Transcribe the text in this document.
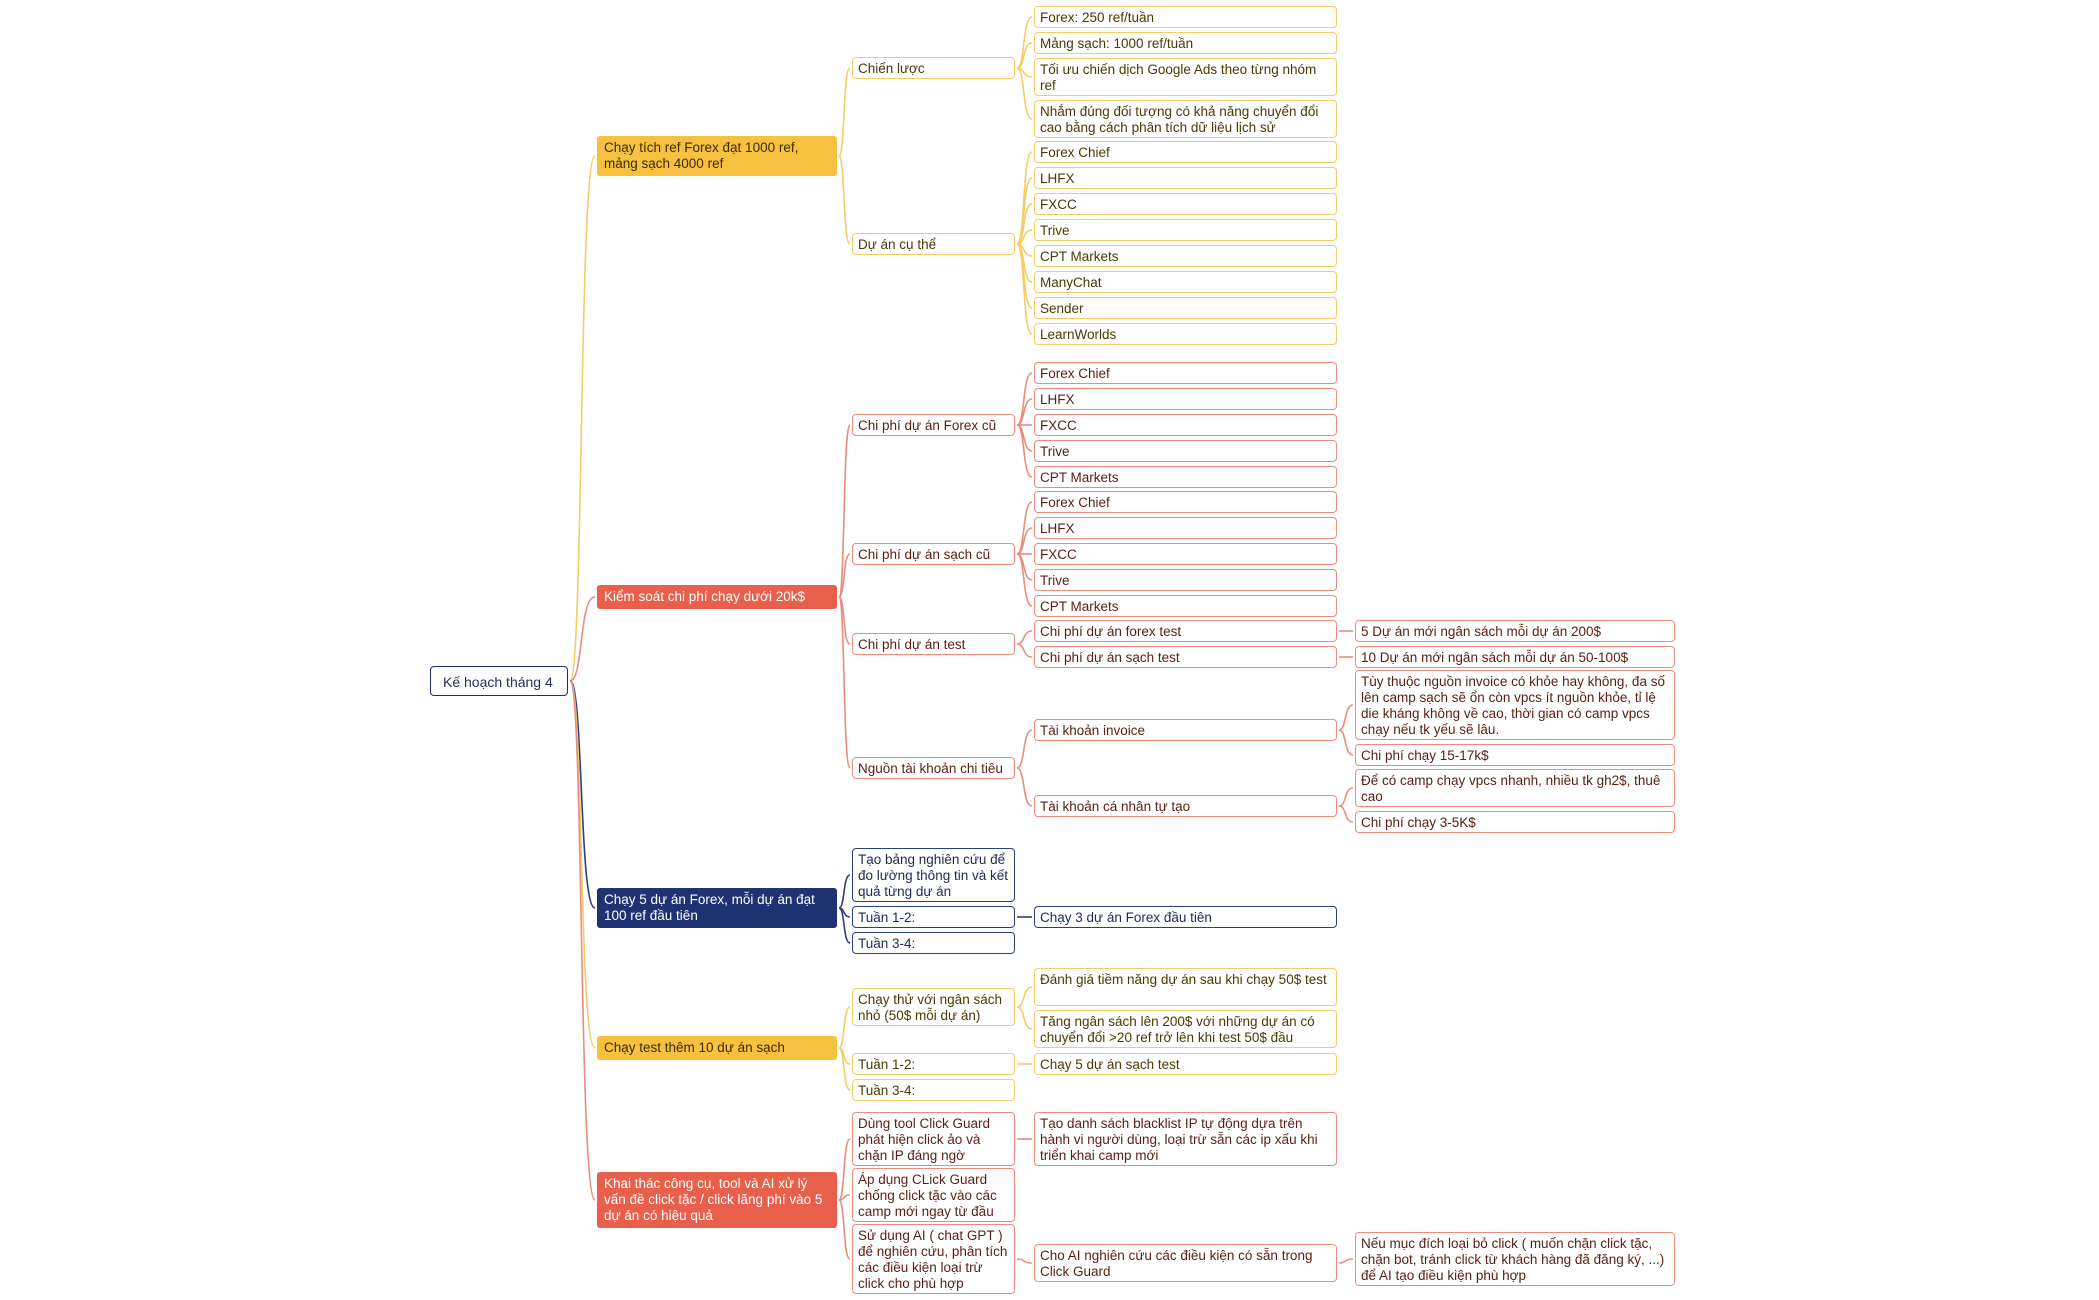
Kế hoạch tháng 4
Chạy tích ref Forex đạt 1000 ref, mảng sạch 4000 ref
Chiến lược
Forex: 250 ref/tuần
Mảng sạch: 1000 ref/tuần
Tối ưu chiến dịch Google Ads theo từng nhóm ref
Nhắm đúng đối tượng có khả năng chuyển đổi cao bằng cách phân tích dữ liệu lịch sử
Dự án cụ thể
Forex Chief
LHFX
FXCC
Trive
CPT Markets
ManyChat
Sender
LearnWorlds
Kiểm soát chi phí chạy dưới 20k$
Chi phí dự án Forex cũ
Forex Chief
LHFX
FXCC
Trive
CPT Markets
Chi phí dự án sạch cũ
Forex Chief
LHFX
FXCC
Trive
CPT Markets
Chi phí dự án test
Chi phí dự án forex test	5 Dự án mới ngân sách mỗi dự án 200$
Chi phí dự án sạch test	10 Dự án mới ngân sách mỗi dự án 50-100$
Nguồn tài khoản chi tiêu
Tài khoản invoice
Tùy thuộc nguồn invoice có khỏe hay không, đa số lên camp sạch sẽ ổn còn vpcs ít nguồn khỏe, tỉ lệ die kháng không về cao, thời gian có camp vpcs chạy nếu tk yếu sẽ lâu.
Chi phí chạy 15-17k$
Tài khoản cá nhân tự tạo
Để có camp chạy vpcs nhanh, nhiều tk gh2$, thuê cao
Chi phí chạy 3-5K$
Chạy 5 dự án Forex, mỗi dự án đạt 100 ref đầu tiên
Tạo bảng nghiên cứu để đo lường thông tin và kết quả từng dự án
Tuần 1-2:	Chạy 3 dự án Forex đầu tiên
Tuần 3-4:
Chạy test thêm 10 dự án sạch
Chạy thử với ngân sách nhỏ (50$ mỗi dự án)
Đánh giá tiềm năng dự án sau khi chạy 50$ test
Tăng ngân sách lên 200$ với những dự án có chuyển đổi >20 ref trở lên khi test 50$ đầu
Tuần 1-2:	Chạy 5 dự án sạch test
Tuần 3-4:
Khai thác công cụ, tool và AI xử lý vấn đề click tặc / click lãng phí vào 5 dự án có hiệu quả
Dùng tool Click Guard phát hiện click ảo và chặn IP đáng ngờ
Tạo danh sách blacklist IP tự động dựa trên hành vi người dùng, loại trừ sẵn các ip xấu khi triển khai camp mới
Áp dụng CLick Guard chống click tặc vào các camp mới ngay từ đầu
Sử dụng AI ( chat GPT ) để nghiên cứu, phân tích các điều kiện loại trừ click cho phù hợp
Cho AI nghiên cứu các điều kiện có sẵn trong Click Guard
Nếu mục đích loại bỏ click ( muốn chặn click tặc, chặn bot, tránh click từ khách hàng đã đăng ký, ...) để AI tạo điều kiện phù hợp
